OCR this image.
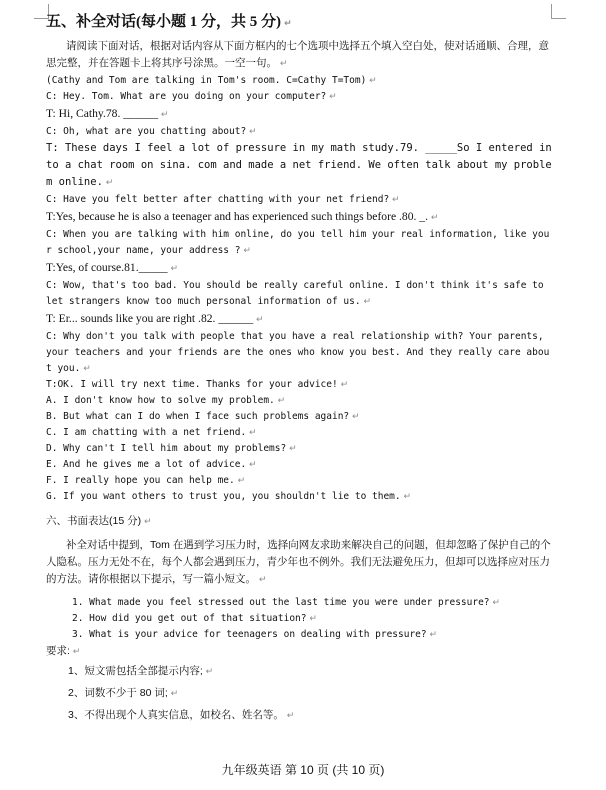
五、补全对话(每小题 1 分，共 5 分) ↵
请阅读下面对话，根据对话内容从下面方框内的七个选项中选择五个填入空白处，使对话通顺、合理，意思完整，并在答题卡上将其序号涂黑。一空一句。 ↵
(Cathy and Tom are talking in Tom's room. C=Cathy T=Tom) ↵
C: Hey. Tom. What are you doing on your computer? ↵
T: Hi, Cathy.78. ______ ↵
C: Oh, what are you chatting about? ↵
T: These days I feel a lot of pressure in my math study.79. _____So I entered into a chat room on sina. com and made a net friend. We often talk about my problem online. ↵
C: Have you felt better after chatting with your net friend? ↵
T:Yes, because he is also a teenager and has experienced such things before .80. _. ↵
C: When you are talking with him online, do you tell him your real information, like your school,your name, your address ? ↵
T:Yes, of course.81._____ ↵
C: Wow, that's too bad. You should be really careful online. I don't think it's safe to let strangers know too much personal information of us. ↵
T: Er... sounds like you are right .82. ______ ↵
C: Why don't you talk with people that you have a real relationship with? Your parents, your teachers and your friends are the ones who know you best. And they really care about you. ↵
T:OK. I will try next time. Thanks for your advice! ↵
A. I don't know how to solve my problem. ↵
B. But what can I do when I face such problems again? ↵
C. I am chatting with a net friend. ↵
D. Why can't I tell him about my problems? ↵
E. And he gives me a lot of advice. ↵
F. I really hope you can help me. ↵
G. If you want others to trust you, you shouldn't lie to them. ↵
六、书面表达(15 分) ↵
补全对话中提到，Tom 在遇到学习压力时，选择向网友求助来解决自己的问题，但却忽略了保护自己的个人隐私。压力无处不在，每个人都会遇到压力，青少年也不例外。我们无法避免压力，但却可以选择应对压力的方法。请你根据以下提示，写一篇小短文。 ↵
1. What made you feel stressed out the last time you were under pressure? ↵
2. How did you get out of that situation? ↵
3. What is your advice for teenagers on dealing with pressure? ↵
要求: ↵
1、短文需包括全部提示内容; ↵
2、词数不少于 80 词; ↵
3、不得出现个人真实信息，如校名、姓名等。 ↵
九年级英语 第 10 页 (共 10 页)
